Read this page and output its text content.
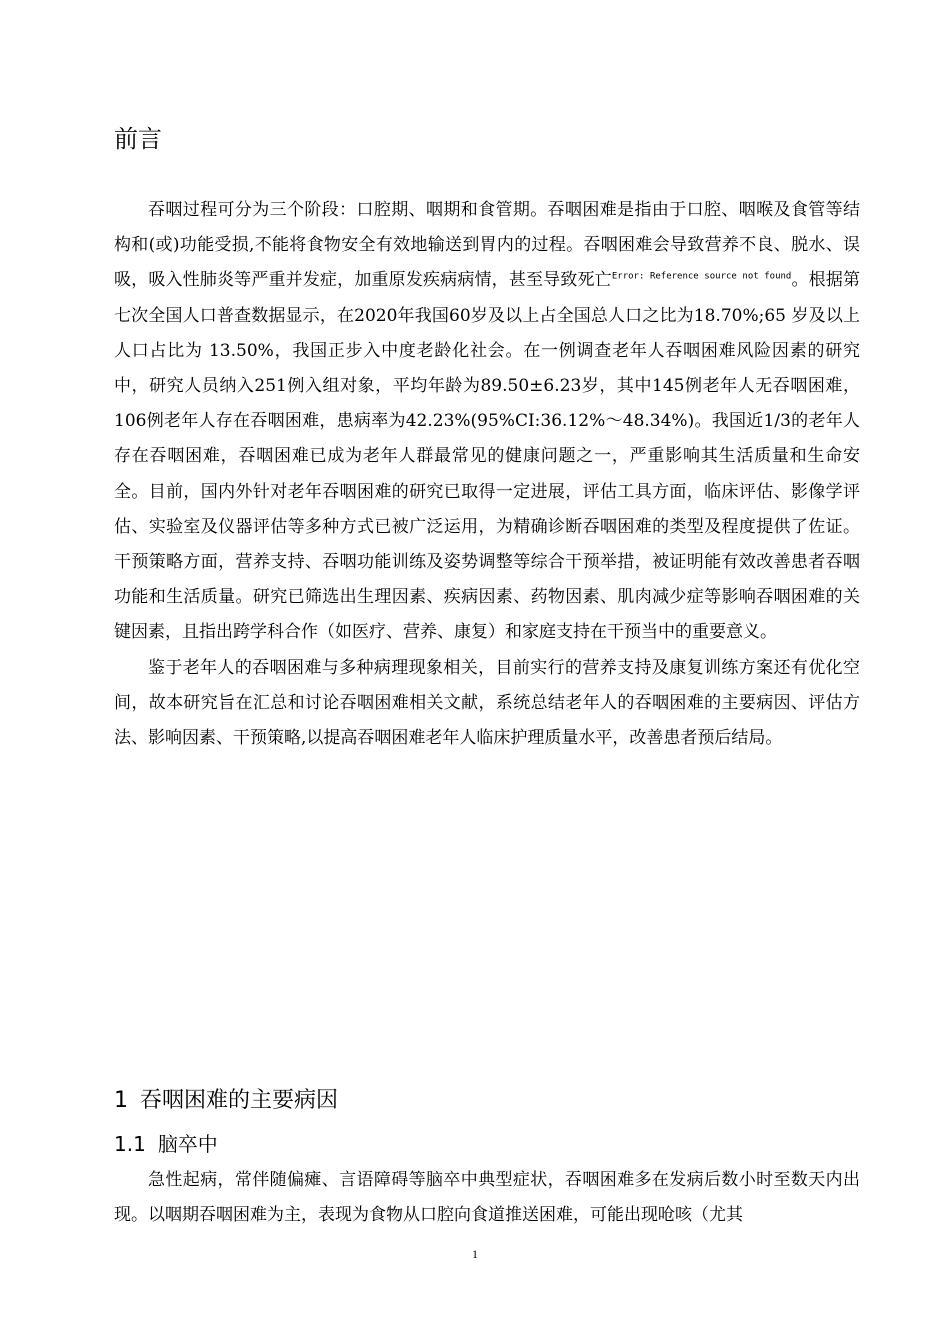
前言

吞咽过程可分为三个阶段：口腔期、咽期和食管期。吞咽困难是指由于口腔、咽喉及食管等结构和(或)功能受损,不能将食物安全有效地输送到胃内的过程。吞咽困难会导致营养不良、脱水、误吸，吸入性肺炎等严重并发症，加重原发疾病病情，甚至导致死亡$^{Error: Reference source not found}$。根据第七次全国人口普查数据显示，在2020年我国60岁及以上占全国总人口之比为18.70%;65 岁及以上人口占比为 13.50%，我国正步入中度老龄化社会。在一例调查老年人吞咽困难风险因素的研究中，研究人员纳入251例入组对象，平均年龄为89.50±6.23岁，其中145例老年人无吞咽困难，106例老年人存在吞咽困难，患病率为42.23%(95%CI:36.12%～48.34%)。我国近1/3的老年人存在吞咽困难，吞咽困难已成为老年人群最常见的健康问题之一，严重影响其生活质量和生命安全。目前，国内外针对老年吞咽困难的研究已取得一定进展，评估工具方面，临床评估、影像学评估、实验室及仪器评估等多种方式已被广泛运用，为精确诊断吞咽困难的类型及程度提供了佐证。干预策略方面，营养支持、吞咽功能训练及姿势调整等综合干预举措，被证明能有效改善患者吞咽功能和生活质量。研究已筛选出生理因素、疾病因素、药物因素、肌肉减少症等影响吞咽困难的关键因素，且指出跨学科合作（如医疗、营养、康复）和家庭支持在干预当中的重要意义。

鉴于老年人的吞咽困难与多种病理现象相关，目前实行的营养支持及康复训练方案还有优化空间，故本研究旨在汇总和讨论吞咽困难相关文献，系统总结老年人的吞咽困难的主要病因、评估方法、影响因素、干预策略,以提高吞咽困难老年人临床护理质量水平，改善患者预后结局。

1 吞咽困难的主要病因
1.1 脑卒中

急性起病，常伴随偏瘫、言语障碍等脑卒中典型症状，吞咽困难多在发病后数小时至数天内出现。以咽期吞咽困难为主，表现为食物从口腔向食道推送困难，可能出现呛咳（尤其

1
